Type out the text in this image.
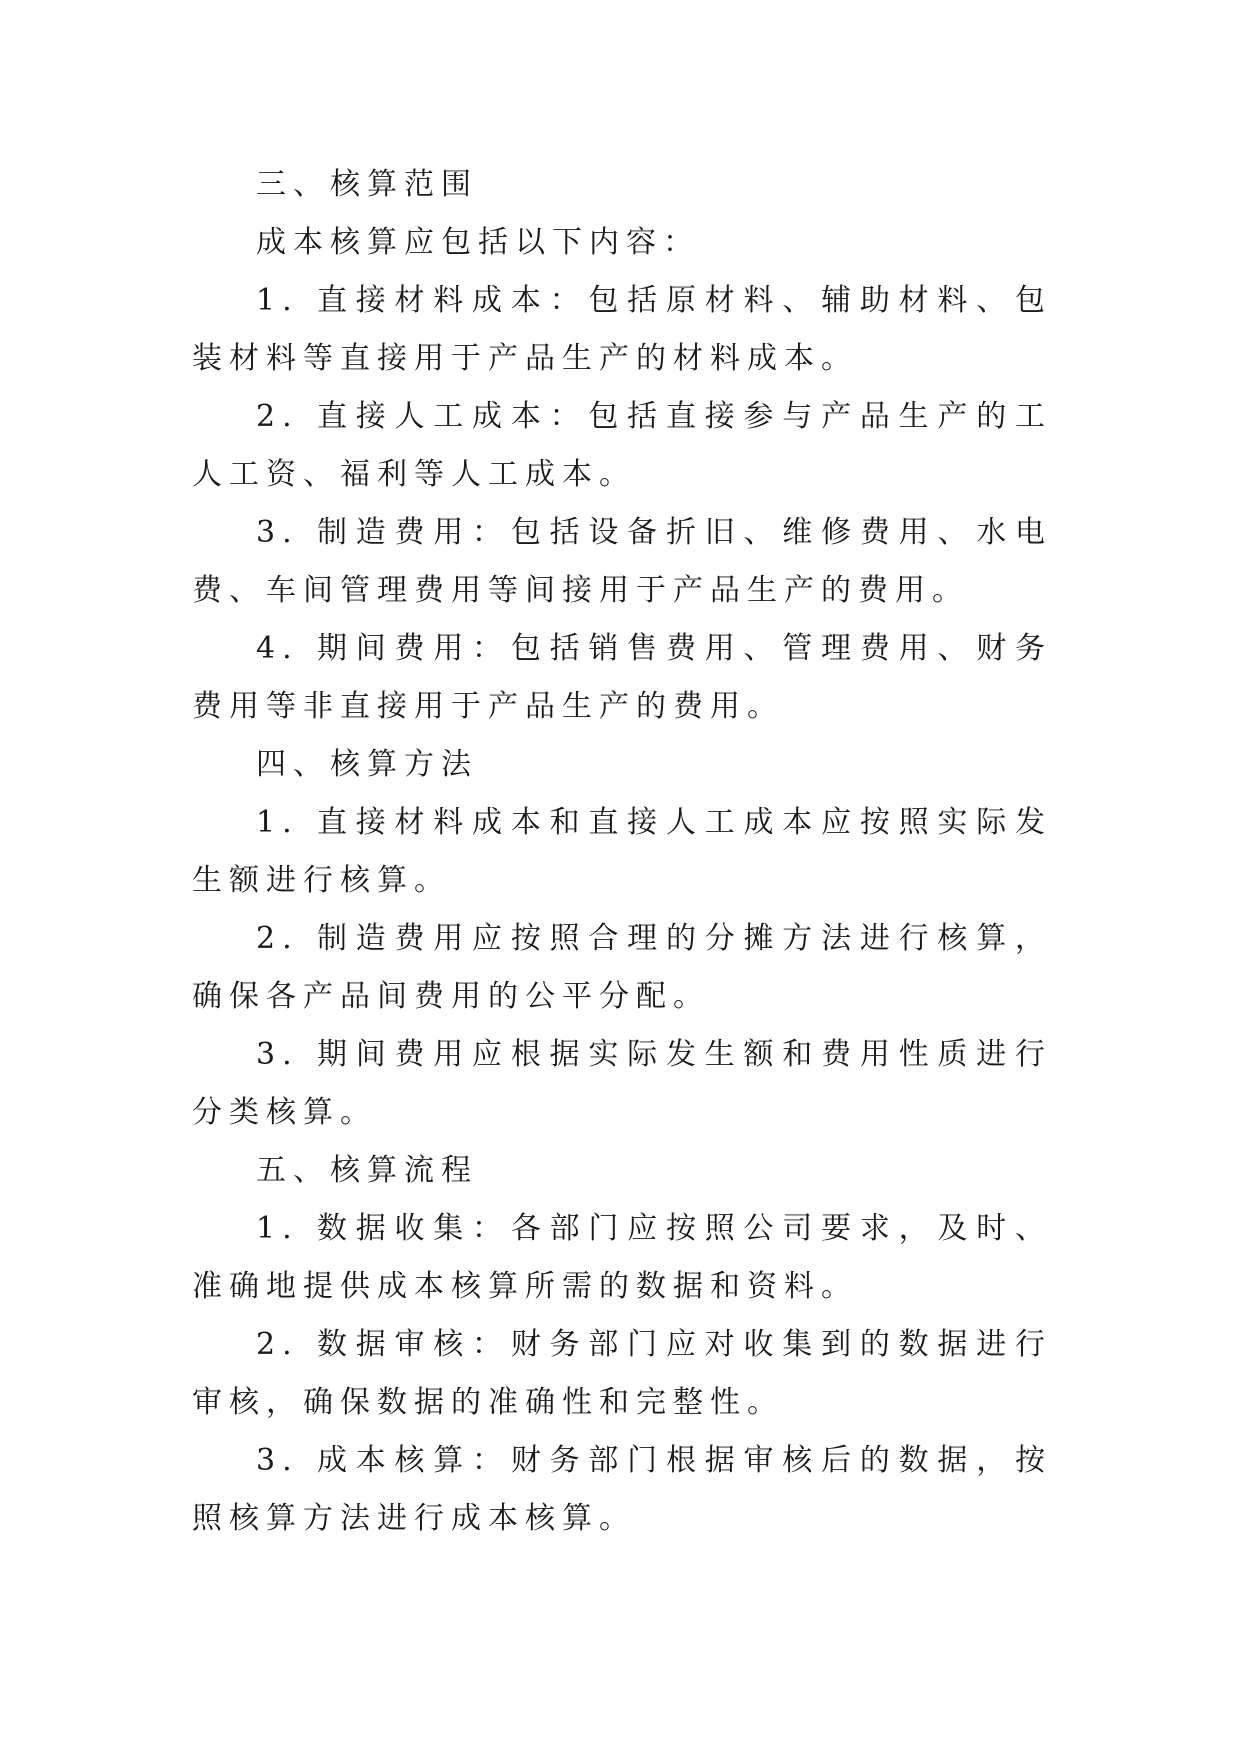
三、核算范围

成本核算应包括以下内容：

1. 直接材料成本：包括原材料、辅助材料、包装材料等直接用于产品生产的材料成本。

2. 直接人工成本：包括直接参与产品生产的工人工资、福利等人工成本。

3. 制造费用：包括设备折旧、维修费用、水电费、车间管理费用等间接用于产品生产的费用。

4. 期间费用：包括销售费用、管理费用、财务费用等非直接用于产品生产的费用。

四、核算方法

1. 直接材料成本和直接人工成本应按照实际发生额进行核算。

2. 制造费用应按照合理的分摊方法进行核算，确保各产品间费用的公平分配。

3. 期间费用应根据实际发生额和费用性质进行分类核算。

五、核算流程

1. 数据收集：各部门应按照公司要求，及时、准确地提供成本核算所需的数据和资料。

2. 数据审核：财务部门应对收集到的数据进行审核，确保数据的准确性和完整性。

3. 成本核算：财务部门根据审核后的数据，按照核算方法进行成本核算。
